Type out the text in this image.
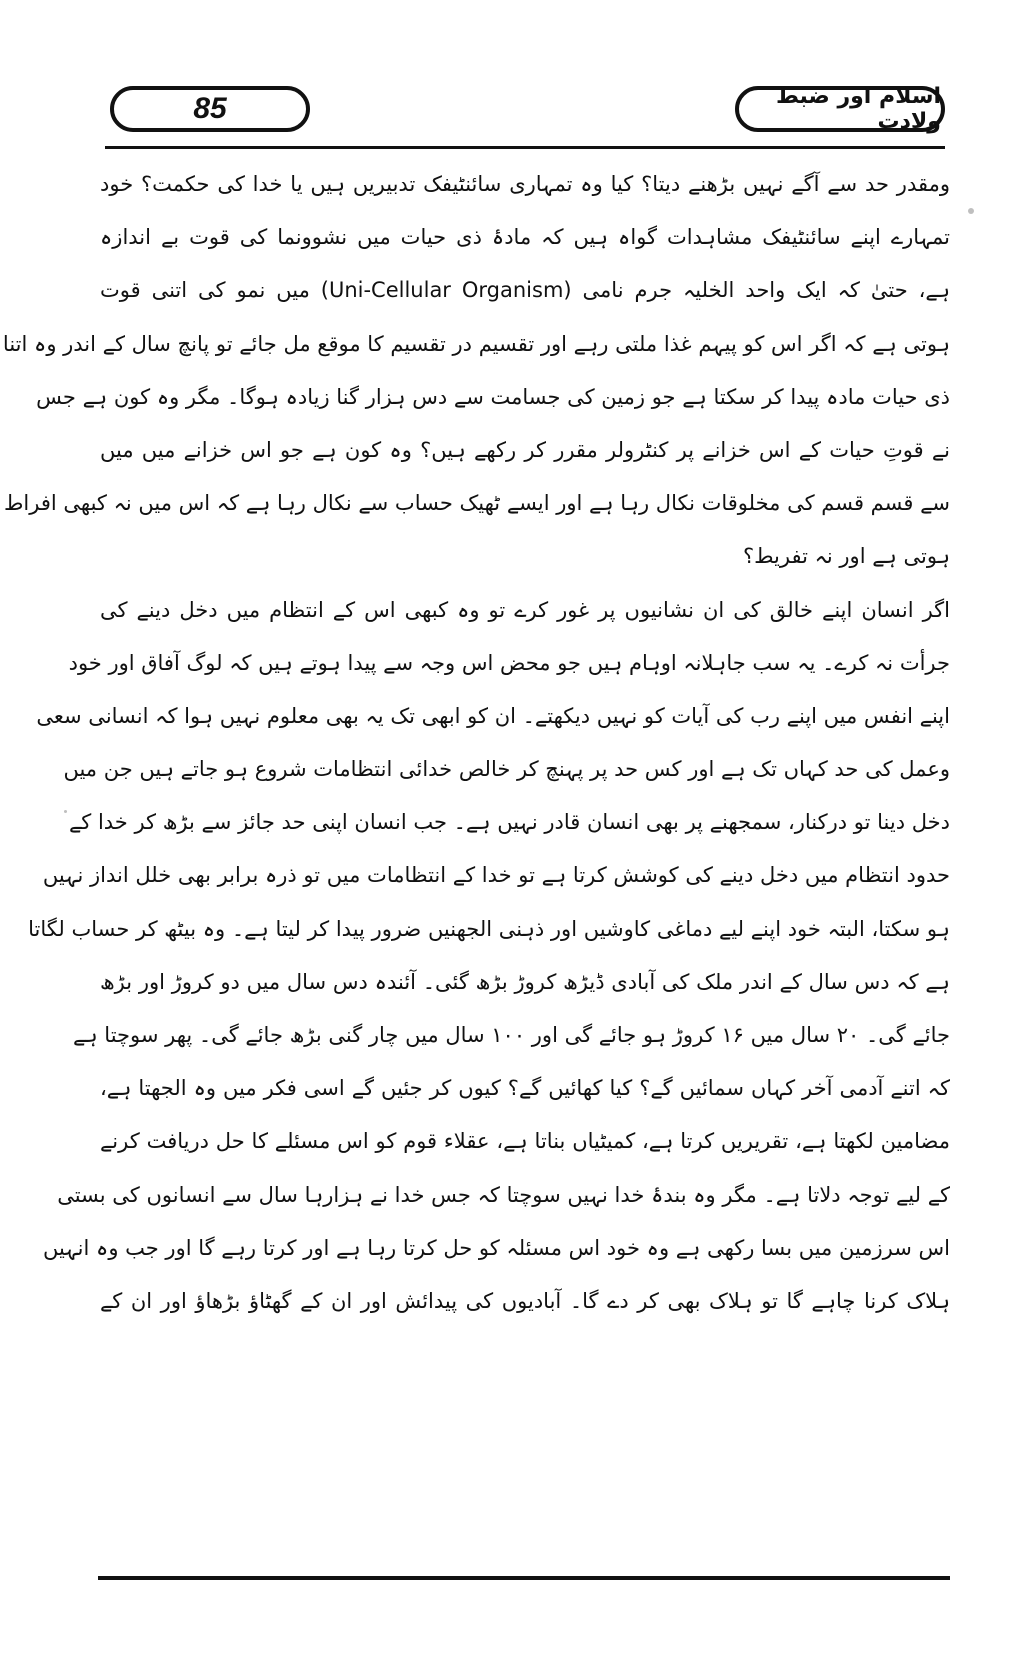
85	اسلام اور ضبط ولادت
ومقدر حد سے آگے نہیں بڑھنے دیتا؟ کیا وہ تمہاری سائنٹیفک تدبیریں ہیں یا خدا کی حکمت؟ خود
تمہارے اپنے سائنٹیفک مشاہدات گواہ ہیں کہ مادۂ ذی حیات میں نشوونما کی قوت بے اندازہ
ہے، حتیٰ کہ ایک واحد الخلیہ جرم نامی (Uni-Cellular Organism) میں نمو کی اتنی قوت
ہوتی ہے کہ اگر اس کو پیہم غذا ملتی رہے اور تقسیم در تقسیم کا موقع مل جائے تو پانچ سال کے اندر وہ اتنا
ذی حیات مادہ پیدا کر سکتا ہے جو زمین کی جسامت سے دس ہزار گنا زیادہ ہوگا۔ مگر وہ کون ہے جس
نے قوتِ حیات کے اس خزانے پر کنٹرولر مقرر کر رکھے ہیں؟ وہ کون ہے جو اس خزانے میں میں
سے قسم قسم کی مخلوقات نکال رہا ہے اور ایسے ٹھیک حساب سے نکال رہا ہے کہ اس میں نہ کبھی افراط
ہوتی ہے اور نہ تفریط؟
اگر انسان اپنے خالق کی ان نشانیوں پر غور کرے تو وہ کبھی اس کے انتظام میں دخل دینے کی
جرأت نہ کرے۔ یہ سب جاہلانہ اوہام ہیں جو محض اس وجہ سے پیدا ہوتے ہیں کہ لوگ آفاق اور خود
اپنے انفس میں اپنے رب کی آیات کو نہیں دیکھتے۔ ان کو ابھی تک یہ بھی معلوم نہیں ہوا کہ انسانی سعی
وعمل کی حد کہاں تک ہے اور کس حد پر پہنچ کر خالص خدائی انتظامات شروع ہو جاتے ہیں جن میں
دخل دینا تو درکنار، سمجھنے پر بھی انسان قادر نہیں ہے۔ جب انسان اپنی حد جائز سے بڑھ کر خدا کے
حدود انتظام میں دخل دینے کی کوشش کرتا ہے تو خدا کے انتظامات میں تو ذرہ برابر بھی خلل انداز نہیں
ہو سکتا، البتہ خود اپنے لیے دماغی کاوشیں اور ذہنی الجھنیں ضرور پیدا کر لیتا ہے۔ وہ بیٹھ کر حساب لگاتا
ہے کہ دس سال کے اندر ملک کی آبادی ڈیڑھ کروڑ بڑھ گئی۔ آئندہ دس سال میں دو کروڑ اور بڑھ
جائے گی۔ ۲۰ سال میں ۱۶ کروڑ ہو جائے گی اور ۱۰۰ سال میں چار گنی بڑھ جائے گی۔ پھر سوچتا ہے
کہ اتنے آدمی آخر کہاں سمائیں گے؟ کیا کھائیں گے؟ کیوں کر جئیں گے اسی فکر میں وہ الجھتا ہے،
مضامین لکھتا ہے، تقریریں کرتا ہے، کمیٹیاں بناتا ہے، عقلاء قوم کو اس مسئلے کا حل دریافت کرنے
کے لیے توجہ دلاتا ہے۔ مگر وہ بندۂ خدا نہیں سوچتا کہ جس خدا نے ہزارہا سال سے انسانوں کی بستی
اس سرزمین میں بسا رکھی ہے وہ خود اس مسئلہ کو حل کرتا رہا ہے اور کرتا رہے گا اور جب وہ انہیں
ہلاک کرنا چاہے گا تو ہلاک بھی کر دے گا۔ آبادیوں کی پیدائش اور ان کے گھٹاؤ بڑھاؤ اور ان کے
